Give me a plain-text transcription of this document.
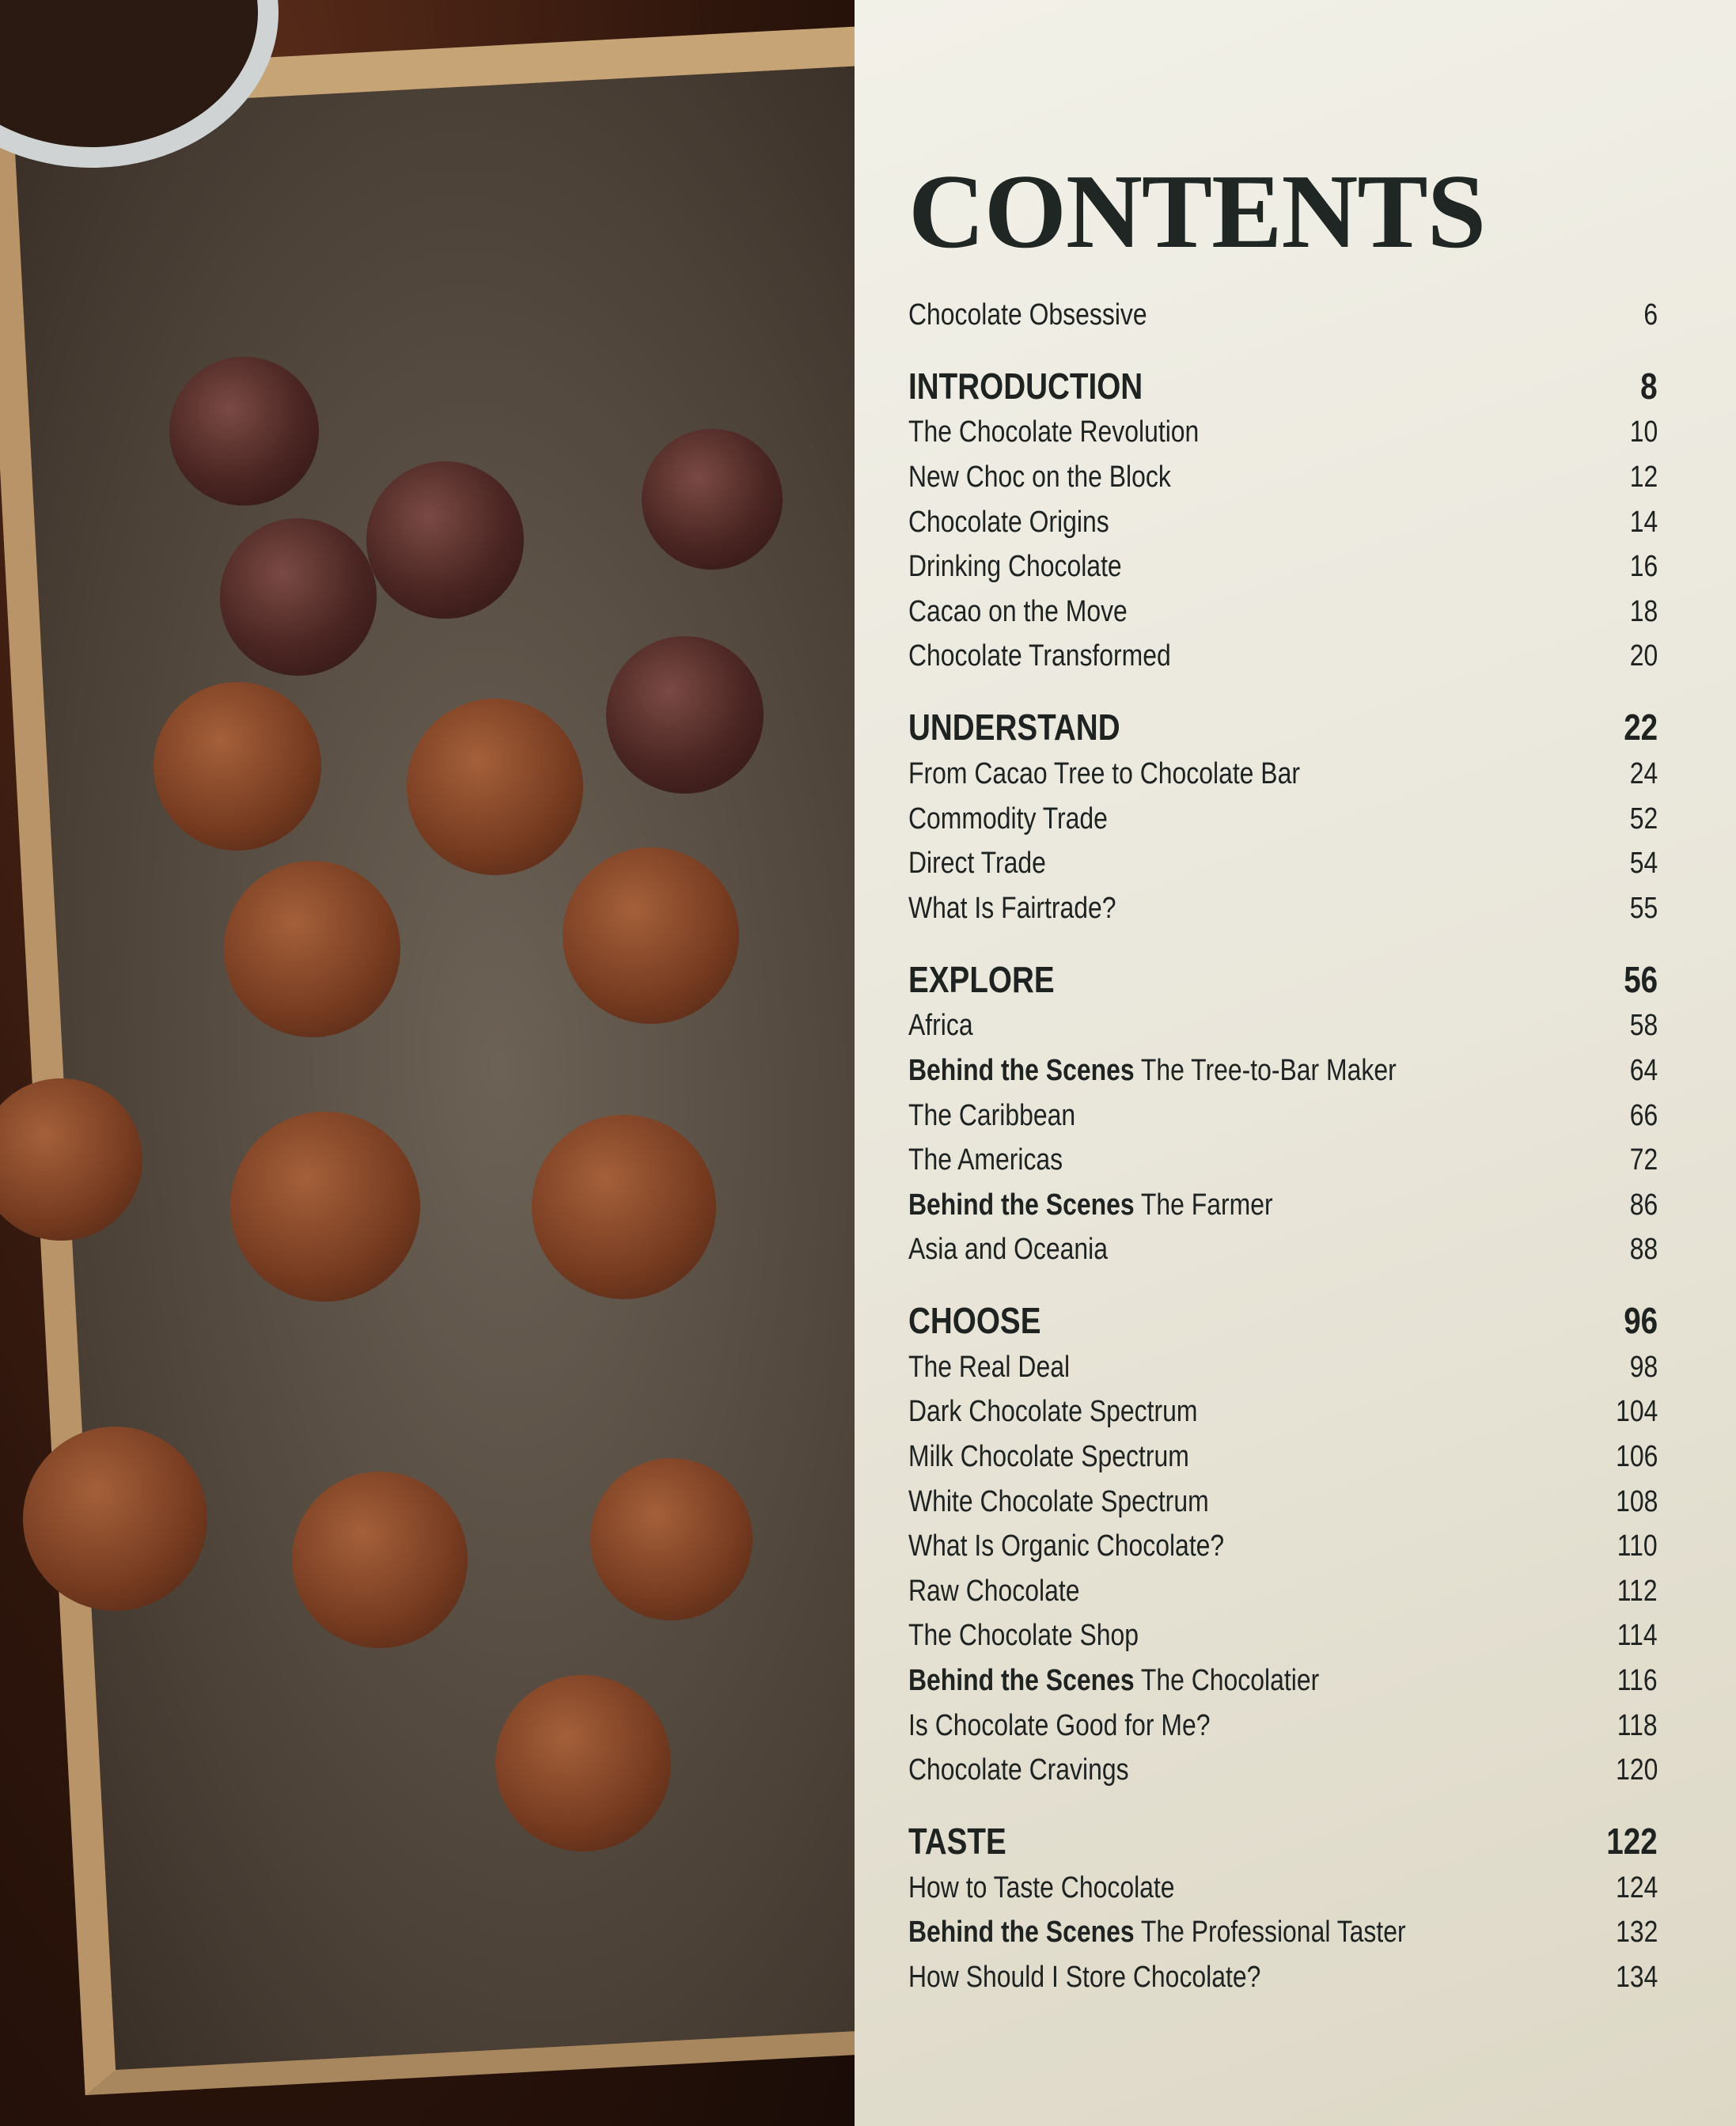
CONTENTS
Chocolate Obsessive	6
INTRODUCTION	8
The Chocolate Revolution	10
New Choc on the Block	12
Chocolate Origins	14
Drinking Chocolate	16
Cacao on the Move	18
Chocolate Transformed	20
UNDERSTAND	22
From Cacao Tree to Chocolate Bar	24
Commodity Trade	52
Direct Trade	54
What Is Fairtrade?	55
EXPLORE	56
Africa	58
Behind the Scenes The Tree-to-Bar Maker	64
The Caribbean	66
The Americas	72
Behind the Scenes The Farmer	86
Asia and Oceania	88
CHOOSE	96
The Real Deal	98
Dark Chocolate Spectrum	104
Milk Chocolate Spectrum	106
White Chocolate Spectrum	108
What Is Organic Chocolate?	110
Raw Chocolate	112
The Chocolate Shop	114
Behind the Scenes The Chocolatier	116
Is Chocolate Good for Me?	118
Chocolate Cravings	120
TASTE	122
How to Taste Chocolate	124
Behind the Scenes The Professional Taster	132
How Should I Store Chocolate?	134
